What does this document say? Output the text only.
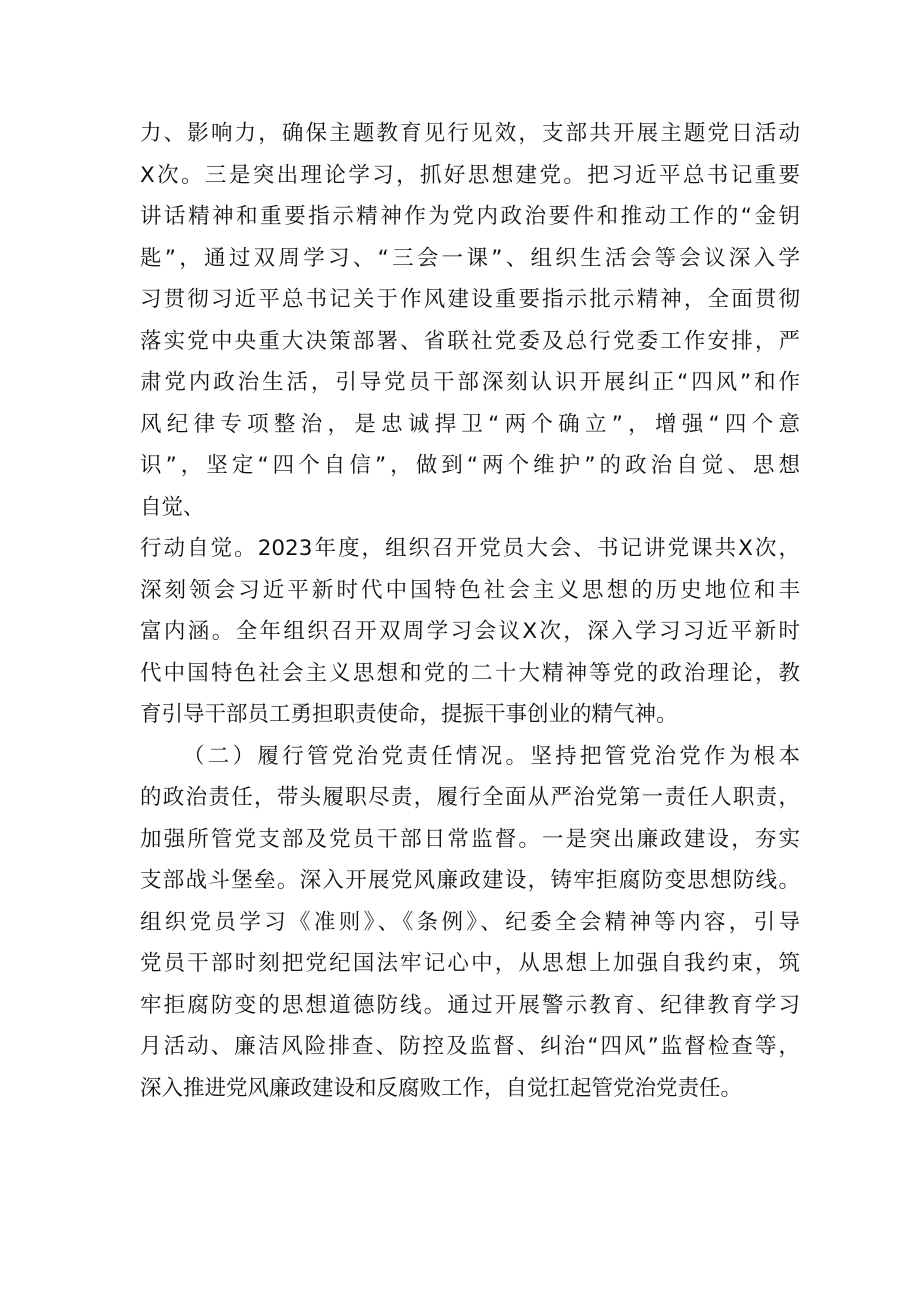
力、影响力，确保主题教育见行见效，支部共开展主题党日活动
X次。三是突出理论学习，抓好思想建党。把习近平总书记重要
讲话精神和重要指示精神作为党内政治要件和推动工作的“金钥
匙”，通过双周学习、“三会一课”、组织生活会等会议深入学
习贯彻习近平总书记关于作风建设重要指示批示精神，全面贯彻
落实党中央重大决策部署、省联社党委及总行党委工作安排，严
肃党内政治生活，引导党员干部深刻认识开展纠正“四风”和作
风纪律专项整治，是忠诚捍卫“两个确立”，增强“四个意
识”，坚定“四个自信”，做到“两个维护”的政治自觉、思想
自觉、
行动自觉。2023年度，组织召开党员大会、书记讲党课共X次，
深刻领会习近平新时代中国特色社会主义思想的历史地位和丰
富内涵。全年组织召开双周学习会议X次，深入学习习近平新时
代中国特色社会主义思想和党的二十大精神等党的政治理论，教
育引导干部员工勇担职责使命，提振干事创业的精气神。
（二）履行管党治党责任情况。坚持把管党治党作为根本
的政治责任，带头履职尽责，履行全面从严治党第一责任人职责，
加强所管党支部及党员干部日常监督。一是突出廉政建设，夯实
支部战斗堡垒。深入开展党风廉政建设，铸牢拒腐防变思想防线。
组织党员学习《准则》、《条例》、纪委全会精神等内容，引导
党员干部时刻把党纪国法牢记心中，从思想上加强自我约束，筑
牢拒腐防变的思想道德防线。通过开展警示教育、纪律教育学习
月活动、廉洁风险排查、防控及监督、纠治“四风”监督检查等，
深入推进党风廉政建设和反腐败工作，自觉扛起管党治党责任。
